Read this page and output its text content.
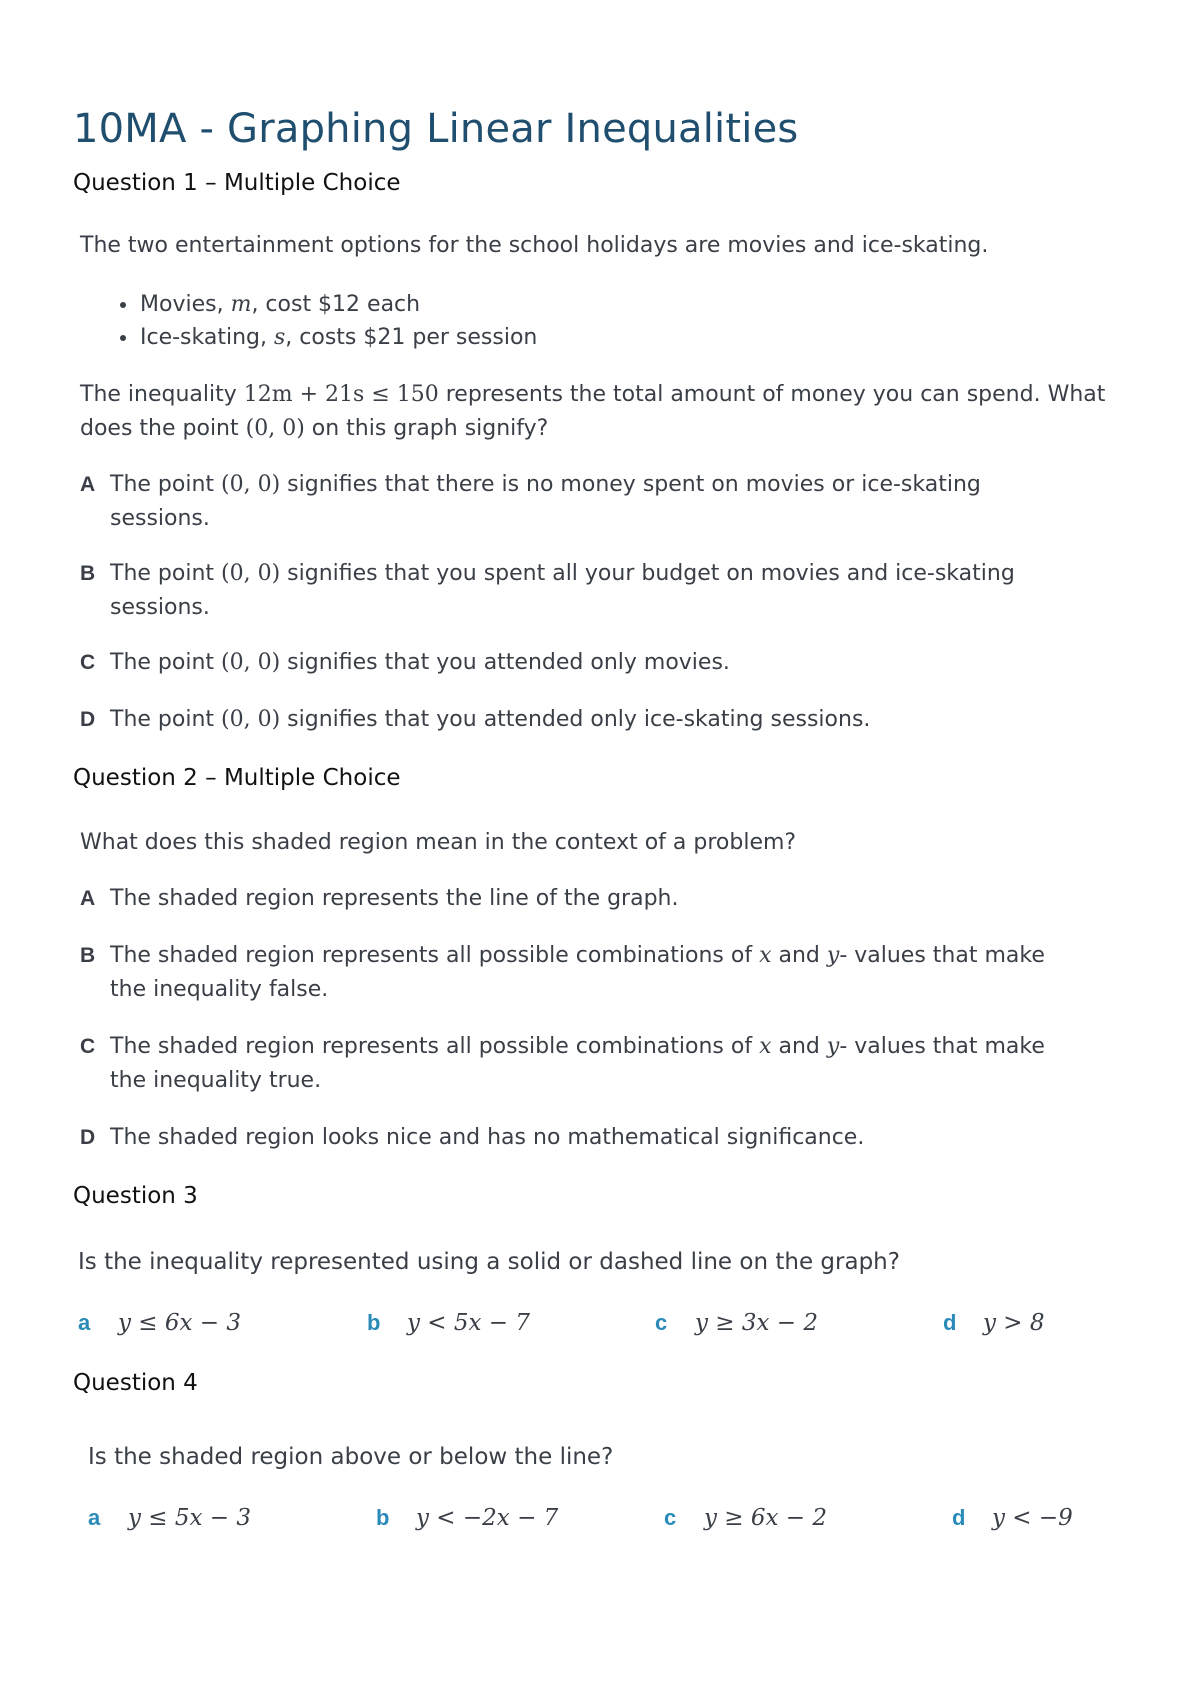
10MA - Graphing Linear Inequalities
Question 1 – Multiple Choice

The two entertainment options for the school holidays are movies and ice-skating.

Movies, m, cost $12 each
Ice-skating, s, costs $21 per session

The inequality 12m + 21s ≤ 150 represents the total amount of money you can spend. What
does the point (0, 0) on this graph signify?

A The point (0, 0) signifies that there is no money spent on movies or ice-skating
sessions.
B The point (0, 0) signifies that you spent all your budget on movies and ice-skating
sessions.
C The point (0, 0) signifies that you attended only movies.
D The point (0, 0) signifies that you attended only ice-skating sessions.
Question 2 – Multiple Choice

What does this shaded region mean in the context of a problem?

A The shaded region represents the line of the graph.
B The shaded region represents all possible combinations of x and y- values that make
the inequality false.
C The shaded region represents all possible combinations of x and y- values that make
the inequality true.
D The shaded region looks nice and has no mathematical significance.
Question 3

Is the inequality represented using a solid or dashed line on the graph?

a y ≤ 6x − 3	b y < 5x − 7	c y ≥ 3x − 2	d y > 8
Question 4

Is the shaded region above or below the line?

a y ≤ 5x − 3	b y < −2x − 7	c y ≥ 6x − 2	d y < −9
